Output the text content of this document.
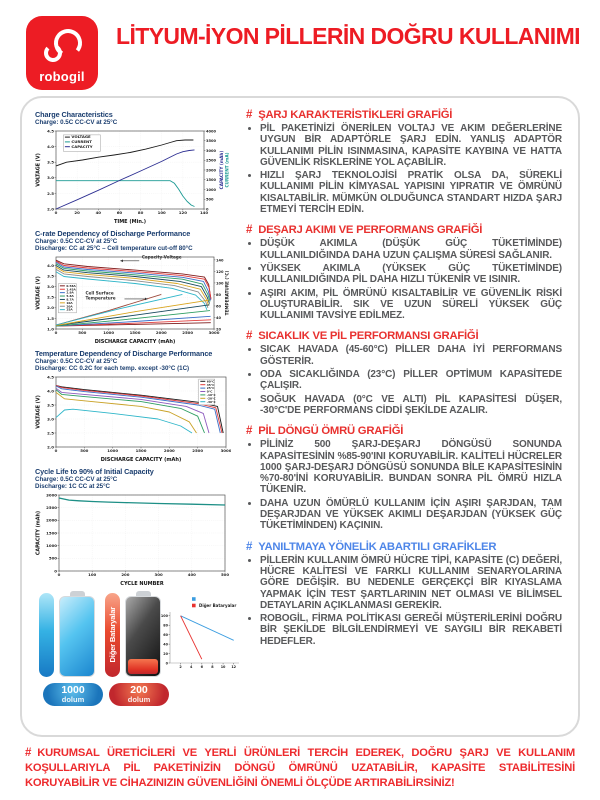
robogil
LİTYUM-İYON PİLLERİN DOĞRU KULLANIMI
Charge Characteristics
Charge: 0.5C CC-CV at 25°C
0	20	40	60	80	100	120	140
2.0
2.5
3.0
3.5
4.0
4.5
0
500
1000
1500
2000
2500
3000
3500
4000
TIME (Min.)
VOLTAGE (V)	CAPACITY (mAh) CURRENT (mA)
VOLTAGE
CURRENT
CAPACITY
C-rate Dependency of Discharge Performance
Charge: 0.5C CC-CV at 25°C
Discharge: CC at 25°C – Cell temperature cut-off 80°C
0	500	1000	1500	2000	2500	3000
1.0
1.5
2.0
2.5
3.0
3.5
4.0
20
40
60
80
100
120
140
DISCHARGE CAPACITY (mAh)
VOLTAGE (V)	TEMPERATURE (°C)
0.58A
1.45A
2.9A
5.8A
8.7A
10A
20A
25A
Capacity-Voltage
Cell Surface
Temperature
Temperature Dependency of Discharge Performance
Charge: 0.5C CC-CV at 25°C
Discharge: CC 0.2C for each temp. except -30°C (1C)
0	500	1000	1500	2000	2500	3000
2.0
2.5
3.0
3.5
4.0
4.5
DISCHARGE CAPACITY (mAh)
VOLTAGE (V)
60°C
45°C
25°C
0°C
-10°C
-20°C
-30°C
Cycle Life to 90% of Initial Capacity
Charge: 0.5C CC-CV at 25°C
Discharge: 1C CC at 25°C
0	100	200	300	400	500
0
500
1000
1500
2000
2500
3000
CYCLE NUMBER
CAPACITY (mAh)
Diğer Bataryalar
1000
dolum
200
dolum
2 4 6 8 10 12
0
20
40
60
80
100
Diğer Bataryalar
# ŞARJ KARAKTERİSTİKLERİ GRAFİĞİ
• PİL PAKETİNİZİ ÖNERİLEN VOLTAJ VE AKIM DEĞERLERİNE UYGUN BİR ADAPTÖRLE ŞARJ EDİN. YANLIŞ ADAPTÖR KULLANIMI PİLİN ISINMASINA, KAPASİTE KAYBINA VE HATTA GÜVENLİK RİSKLERİNE YOL AÇABİLİR.
• HIZLI ŞARJ TEKNOLOJİSİ PRATİK OLSA DA, SÜREKLİ KULLANIMI PİLİN KİMYASAL YAPISINI YIPRATIR VE ÖMRÜNÜ KISALTABİLİR. MÜMKÜN OLDUĞUNCA STANDART HIZDA ŞARJ ETMEYİ TERCİH EDİN.
# DEŞARJ AKIMI VE PERFORMANS GRAFİĞİ
• DÜŞÜK AKIMLA (DÜŞÜK GÜÇ TÜKETİMİNDE) KULLANILDIĞINDA DAHA UZUN ÇALIŞMA SÜRESİ SAĞLANIR.
• YÜKSEK AKIMLA (YÜKSEK GÜÇ TÜKETİMİNDE) KULLANILDIĞINDA PİL DAHA HIZLI TÜKENİR VE ISINIR.
• AŞIRI AKIM, PİL ÖMRÜNÜ KISALTABİLİR VE GÜVENLİK RİSKİ OLUŞTURABİLİR. SIK VE UZUN SÜRELİ YÜKSEK GÜÇ KULLANIMI TAVSİYE EDİLMEZ.
# SICAKLIK VE PİL PERFORMANSI GRAFİĞİ
• SICAK HAVADA (45-60°C) PİLLER DAHA İYİ PERFORMANS GÖSTERİR.
• ODA SICAKLIĞINDA (23°C) PİLLER OPTİMUM KAPASİTEDE ÇALIŞIR.
• SOĞUK HAVADA (0°C VE ALTI) PİL KAPASİTESİ DÜŞER, -30°C'DE PERFORMANS CİDDİ ŞEKİLDE AZALIR.
# PİL DÖNGÜ ÖMRÜ GRAFİĞİ
• PİLİNİZ 500 ŞARJ-DEŞARJ DÖNGÜSÜ SONUNDA KAPASİTESİNİN %85-90'INI KORUYABİLİR. KALİTELİ HÜCRELER 1000 ŞARJ-DEŞARJ DÖNGÜSÜ SONUNDA BİLE KAPASİTESİNİN %70-80'İNİ KORUYABİLİR. BUNDAN SONRA PİL ÖMRÜ HIZLA TÜKENİR.
• DAHA UZUN ÖMÜRLÜ KULLANIM İÇİN AŞIRI ŞARJDAN, TAM DEŞARJDAN VE YÜKSEK AKIMLI DEŞARJDAN (YÜKSEK GÜÇ TÜKETİMİNDEN) KAÇININ.
# YANILTMAYA YÖNELİK ABARTILI GRAFİKLER
• PİLLERİN KULLANIM ÖMRÜ HÜCRE TİPİ, KAPASİTE (C) DEĞERİ, HÜCRE KALİTESİ VE FARKLI KULLANIM SENARYOLARINA GÖRE DEĞİŞİR. BU NEDENLE GERÇEKÇİ BİR KIYASLAMA YAPMAK İÇİN TEST ŞARTLARININ NET OLMASI VE BİLİMSEL DETAYLARIN AÇIKLANMASI GEREKİR.
• ROBOGİL, FİRMA POLİTİKASI GEREĞİ MÜŞTERİLERİNİ DOĞRU BİR ŞEKİLDE BİLGİLENDİRMEYİ VE SAYGILI BİR REKABETİ HEDEFLER.
# KURUMSAL ÜRETİCİLERİ VE YERLİ ÜRÜNLERİ TERCİH EDEREK, DOĞRU ŞARJ VE KULLANIM KOŞULLARIYLA PİL PAKETİNİZİN DÖNGÜ ÖMRÜNÜ UZATABİLİR, KAPASİTE STABİLİTESİNİ KORUYABİLİR VE CİHAZINIZIN GÜVENLİĞİNİ ÖNEMLİ ÖLÇÜDE ARTIRABİLİRSİNİZ!
